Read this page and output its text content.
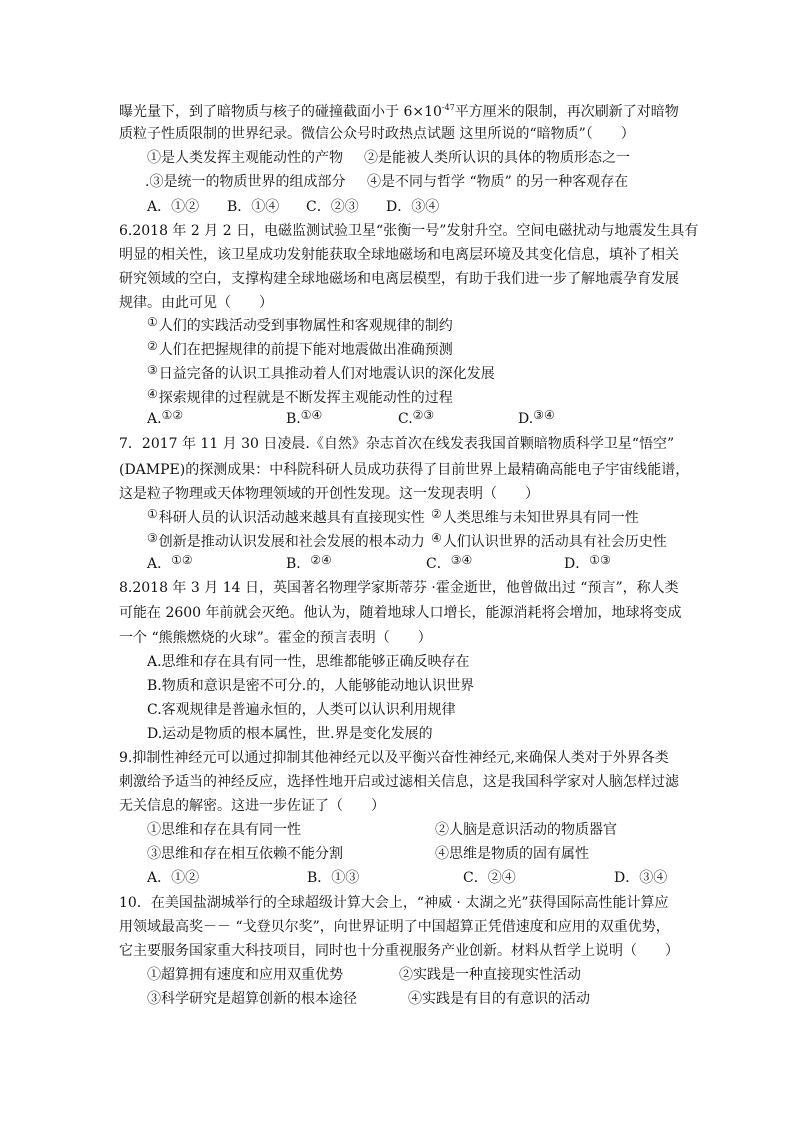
曝光量下，到了暗物质与核子的碰撞截面小于 $6\times 10^{-47}$平方厘米的限制，再次刷新了对暗物
质粒子性质限制的世界纪录。微信公众号时政热点试题 这里所说的“暗物质”（　　）
①是人类发挥主观能动性的产物 ②是能被人类所认识的具体的物质形态之一
.③是统一的物质世界的组成部分 ④是不同与哲学 “物质” 的另一种客观存在
A．①② B．①④ C．②③ D．③④
6.2018 年 2 月 2 日，电磁监测试验卫星“张衡一号”发射升空。空间电磁扰动与地震发生具有
明显的相关性，该卫星成功发射能获取全球地磁场和电离层环境及其变化信息，填补了相关
研究领域的空白，支撑构建全球地磁场和电离层模型，有助于我们进一步了解地震孕育发展
规律。由此可见（　　）
①人们的实践活动受到事物属性和客观规律的制约
②人们在把握规律的前提下能对地震做出准确预测
③日益完备的认识工具推动着人们对地震认识的深化发展
④探索规律的过程就是不断发挥主观能动性的过程
A.①②	B.①④	C.②③	D.③④
7．2017 年 11 月 30 日凌晨.《自然》杂志首次在线发表我国首颗暗物质科学卫星“悟空”
(DAMPE)的探测成果：中科院科研人员成功获得了目前世界上最精确高能电子宇宙线能谱，
这是粒子物理或天体物理领域的开创性发现。这一发现表明（　　）
①科研人员的认识活动越来越具有直接现实性 ②人类思维与未知世界具有同一性
③创新是推动认识发展和社会发展的根本动力 ④人们认识世界的活动具有社会历史性
A．①②	B．②④	C．③④	D．①③
8.2018 年 3 月 14 日，英国著名物理学家斯蒂芬 ·霍金逝世，他曾做出过 “预言”，称人类
可能在 2600 年前就会灭绝。他认为，随着地球人口增长，能源消耗将会增加，地球将变成
一个 “熊熊燃烧的火球”。霍金的预言表明（　　）
A.思维和存在具有同一性，思维都能够正确反映存在
B.物质和意识是密不可分.的，人能够能动地认识世界
C.客观规律是普遍永恒的，人类可以认识利用规律
D.运动是物质的根本属性，世.界是变化发展的
9.抑制性神经元可以通过抑制其他神经元以及平衡兴奋性神经元,来确保人类对于外界各类
刺激给予适当的神经反应，选择性地开启或过滤相关信息，这是我国科学家对人脑怎样过滤
无关信息的解密。这进一步佐证了（　　）
①思维和存在具有同一性	②人脑是意识活动的物质器官
③思维和存在相互依赖不能分割	④思维是物质的固有属性
A．①②	B．①③	C．②④	D．③④
10．在美国盐湖城举行的全球超级计算大会上，“神威 · 太湖之光”获得国际高性能计算应
用领域最高奖－－ “戈登贝尔奖”，向世界证明了中国超算正凭借速度和应用的双重优势，
它主要服务国家重大科技项目，同时也十分重视服务产业创新。材料从哲学上说明（　　）
①超算拥有速度和应用双重优势	②实践是一种直接现实性活动
③科学研究是超算创新的根本途径	④实践是有目的有意识的活动
